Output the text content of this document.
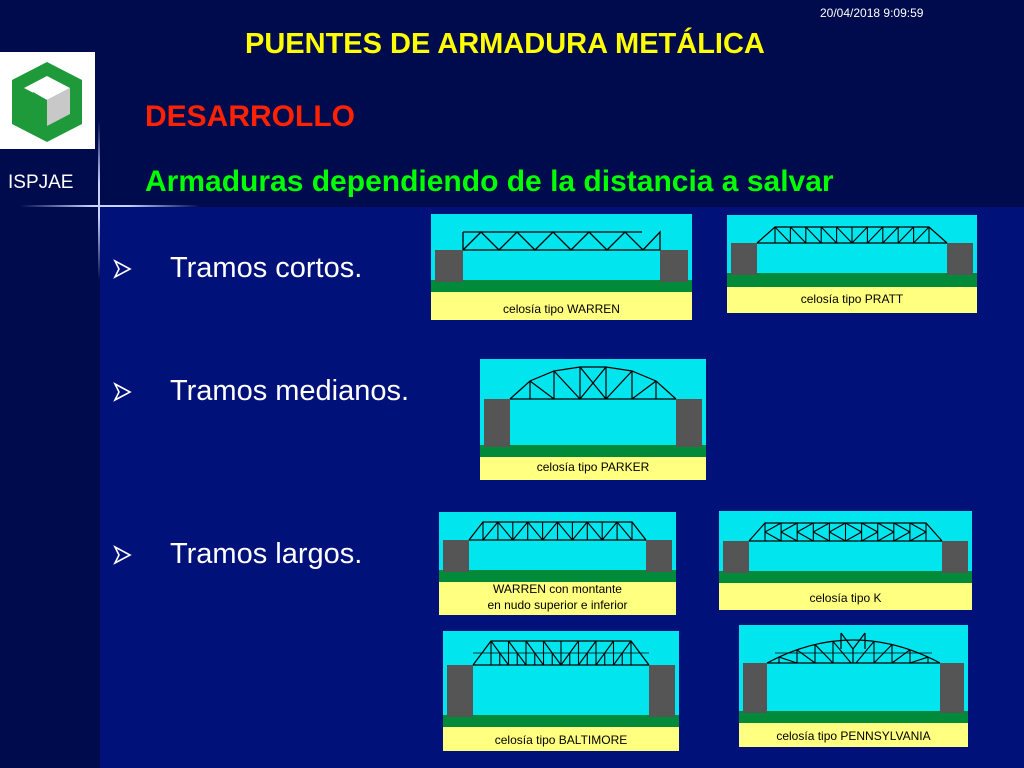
20/04/2018 9:09:59
PUENTES DE ARMADURA METÁLICA
DESARROLLO
Armaduras dependiendo de la distancia a salvar
ISPJAE
Tramos cortos.
Tramos medianos.
Tramos largos.
celosía tipo WARREN
celosía tipo PRATT
celosía tipo PARKER
WARREN con montante
en nudo superior e inferior	celosía tipo K
celosía tipo BALTIMORE	celosía tipo PENNSYLVANIA
